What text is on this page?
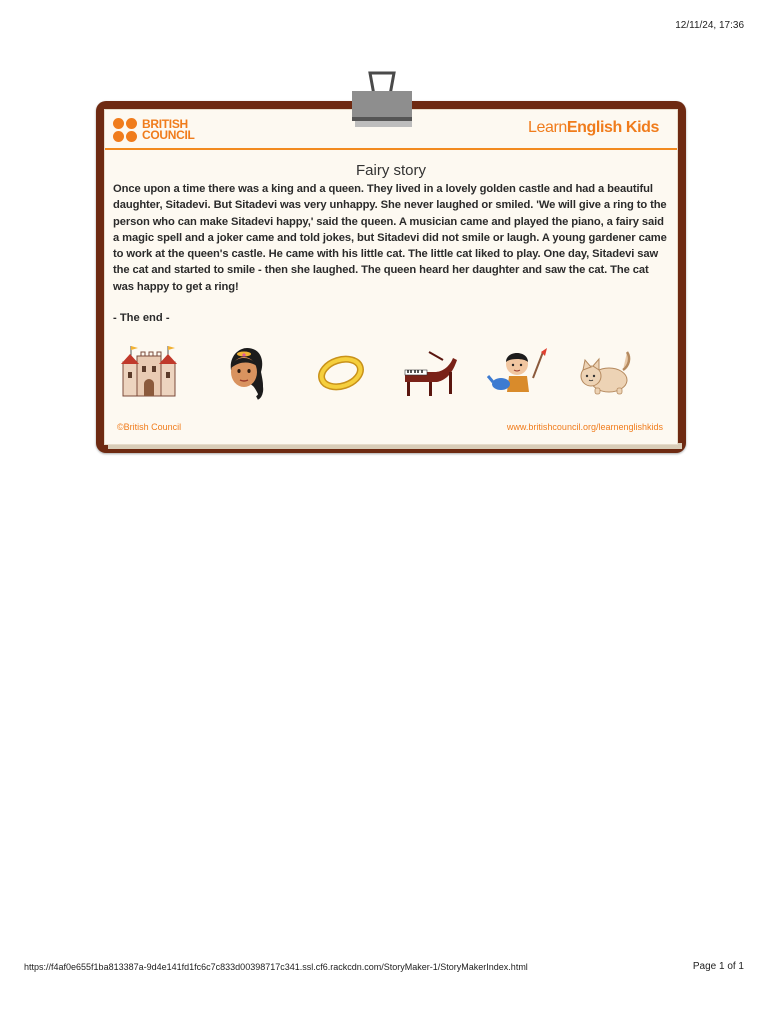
12/11/24, 17:36
BRITISH
COUNCIL	LearnEnglish Kids
Fairy story

Once upon a time there was a king and a queen. They lived in a lovely golden castle and had a beautiful daughter, Sitadevi. But Sitadevi was very unhappy. She never laughed or smiled. 'We will give a ring to the person who can make Sitadevi happy,' said the queen. A musician came and played the piano, a fairy said a magic spell and a joker came and told jokes, but Sitadevi did not smile or laugh. A young gardener came to work at the queen's castle. He came with his little cat. The little cat liked to play. One day, Sitadevi saw the cat and started to smile - then she laughed. The queen heard her daughter and saw the cat. The cat was happy to get a ring!

- The end -
©British Council	www.britishcouncil.org/learnenglishkids
https://f4af0e655f1ba813387a-9d4e141fd1fc6c7c833d00398717c341.ssl.cf6.rackcdn.com/StoryMaker-1/StoryMakerIndex.html	Page 1 of 1
